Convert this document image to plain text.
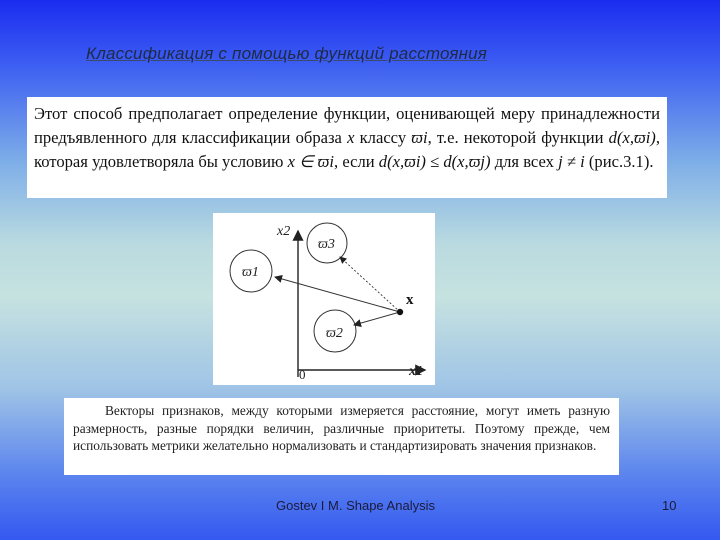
Классификация с помощью функций расстояния

Этот способ предполагает определение функции, оценивающей меру принадлежности предъявленного для классификации образа x классу ϖi, т.е. некоторой функции d(x,ϖi), которая удовлетворяла бы условию x ∈ ϖi, если d(x,ϖi) ≤ d(x,ϖj) для всех j ≠ i (рис.3.1).

x2
x1
0
x
ϖ1
ϖ2
ϖ3
Векторы признаков, между которыми измеряется расстояние, могут иметь разную размерность, разные порядки величин, различные приоритеты. Поэтому прежде, чем использовать метрики желательно нормализовать и стандартизировать значения признаков.
Gostev I M. Shape Analysis	10
